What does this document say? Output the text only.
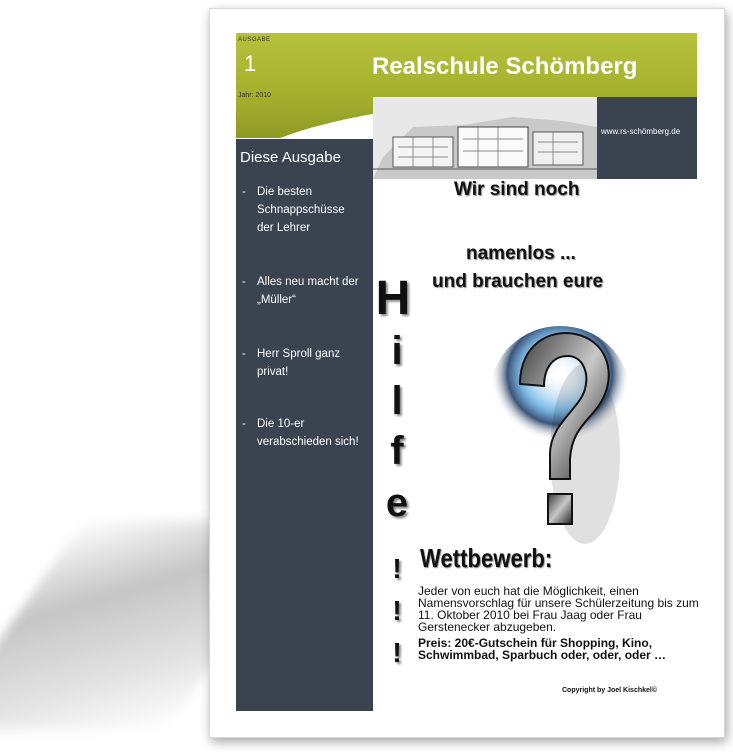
AUSGABE
1
Jahr: 2010
Realschule Schömberg
www.rs-schömberg.de
Diese Ausgabe
- Die besten Schnappschüsse der Lehrer
- Alles neu macht der „Müller“
- Herr Sproll ganz privat!
- Die 10-er verabschieden sich!
Wir sind noch
namenlos ...
und brauchen eure
H
i
l
f
e
!
!
!
Wettbewerb:
Jeder von euch hat die Möglichkeit, einen Namensvorschlag für unsere Schülerzeitung bis zum 11. Oktober 2010 bei Frau Jaag oder Frau Gerstenecker abzugeben.
Preis: 20€-Gutschein für Shopping, Kino, Schwimmbad, Sparbuch oder, oder, oder …
Copyright by Joel Kischkel©
